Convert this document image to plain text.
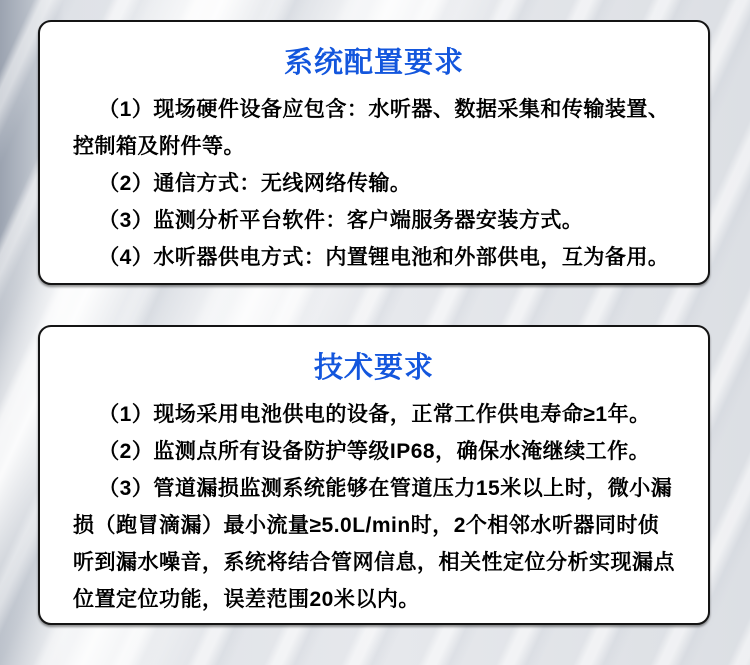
系统配置要求

（1）现场硬件设备应包含：水听器、数据采集和传输装置、控制箱及附件等。

（2）通信方式：无线网络传输。

（3）监测分析平台软件：客户端服务器安装方式。

（4）水听器供电方式：内置锂电池和外部供电，互为备用。

技术要求

（1）现场采用电池供电的设备，正常工作供电寿命≥1年。

（2）监测点所有设备防护等级IP68，确保水淹继续工作。

（3）管道漏损监测系统能够在管道压力15米以上时，微小漏损（跑冒滴漏）最小流量≥5.0L/min时，2个相邻水听器同时侦听到漏水噪音，系统将结合管网信息，相关性定位分析实现漏点位置定位功能，误差范围20米以内。
